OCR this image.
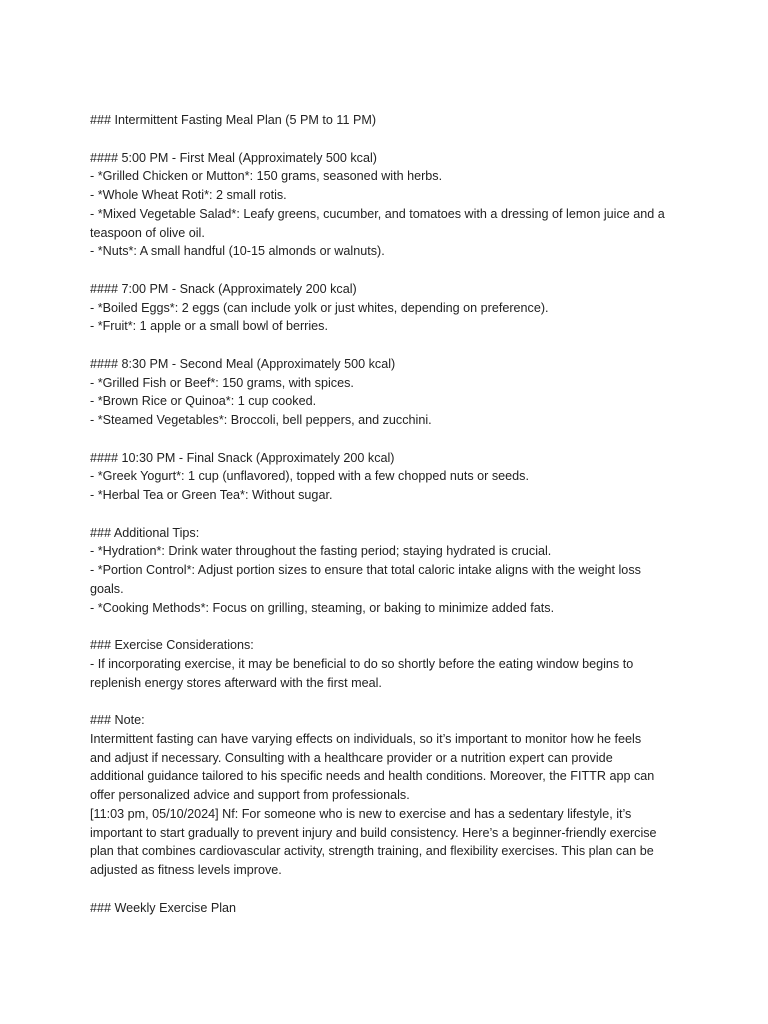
### Intermittent Fasting Meal Plan (5 PM to 11 PM)
#### 5:00 PM - First Meal (Approximately 500 kcal)
- *Grilled Chicken or Mutton*: 150 grams, seasoned with herbs.
- *Whole Wheat Roti*: 2 small rotis.
- *Mixed Vegetable Salad*: Leafy greens, cucumber, and tomatoes with a dressing of lemon juice and a
teaspoon of olive oil.
- *Nuts*: A small handful (10-15 almonds or walnuts).
#### 7:00 PM - Snack (Approximately 200 kcal)
- *Boiled Eggs*: 2 eggs (can include yolk or just whites, depending on preference).
- *Fruit*: 1 apple or a small bowl of berries.
#### 8:30 PM - Second Meal (Approximately 500 kcal)
- *Grilled Fish or Beef*: 150 grams, with spices.
- *Brown Rice or Quinoa*: 1 cup cooked.
- *Steamed Vegetables*: Broccoli, bell peppers, and zucchini.
#### 10:30 PM - Final Snack (Approximately 200 kcal)
- *Greek Yogurt*: 1 cup (unflavored), topped with a few chopped nuts or seeds.
- *Herbal Tea or Green Tea*: Without sugar.
### Additional Tips:
- *Hydration*: Drink water throughout the fasting period; staying hydrated is crucial.
- *Portion Control*: Adjust portion sizes to ensure that total caloric intake aligns with the weight loss
goals.
- *Cooking Methods*: Focus on grilling, steaming, or baking to minimize added fats.
### Exercise Considerations:
- If incorporating exercise, it may be beneficial to do so shortly before the eating window begins to
replenish energy stores afterward with the first meal.
### Note:
Intermittent fasting can have varying effects on individuals, so it’s important to monitor how he feels
and adjust if necessary. Consulting with a healthcare provider or a nutrition expert can provide
additional guidance tailored to his specific needs and health conditions. Moreover, the FITTR app can
offer personalized advice and support from professionals.
[11:03 pm, 05/10/2024] Nf: For someone who is new to exercise and has a sedentary lifestyle, it’s
important to start gradually to prevent injury and build consistency. Here’s a beginner-friendly exercise
plan that combines cardiovascular activity, strength training, and flexibility exercises. This plan can be
adjusted as fitness levels improve.
### Weekly Exercise Plan
